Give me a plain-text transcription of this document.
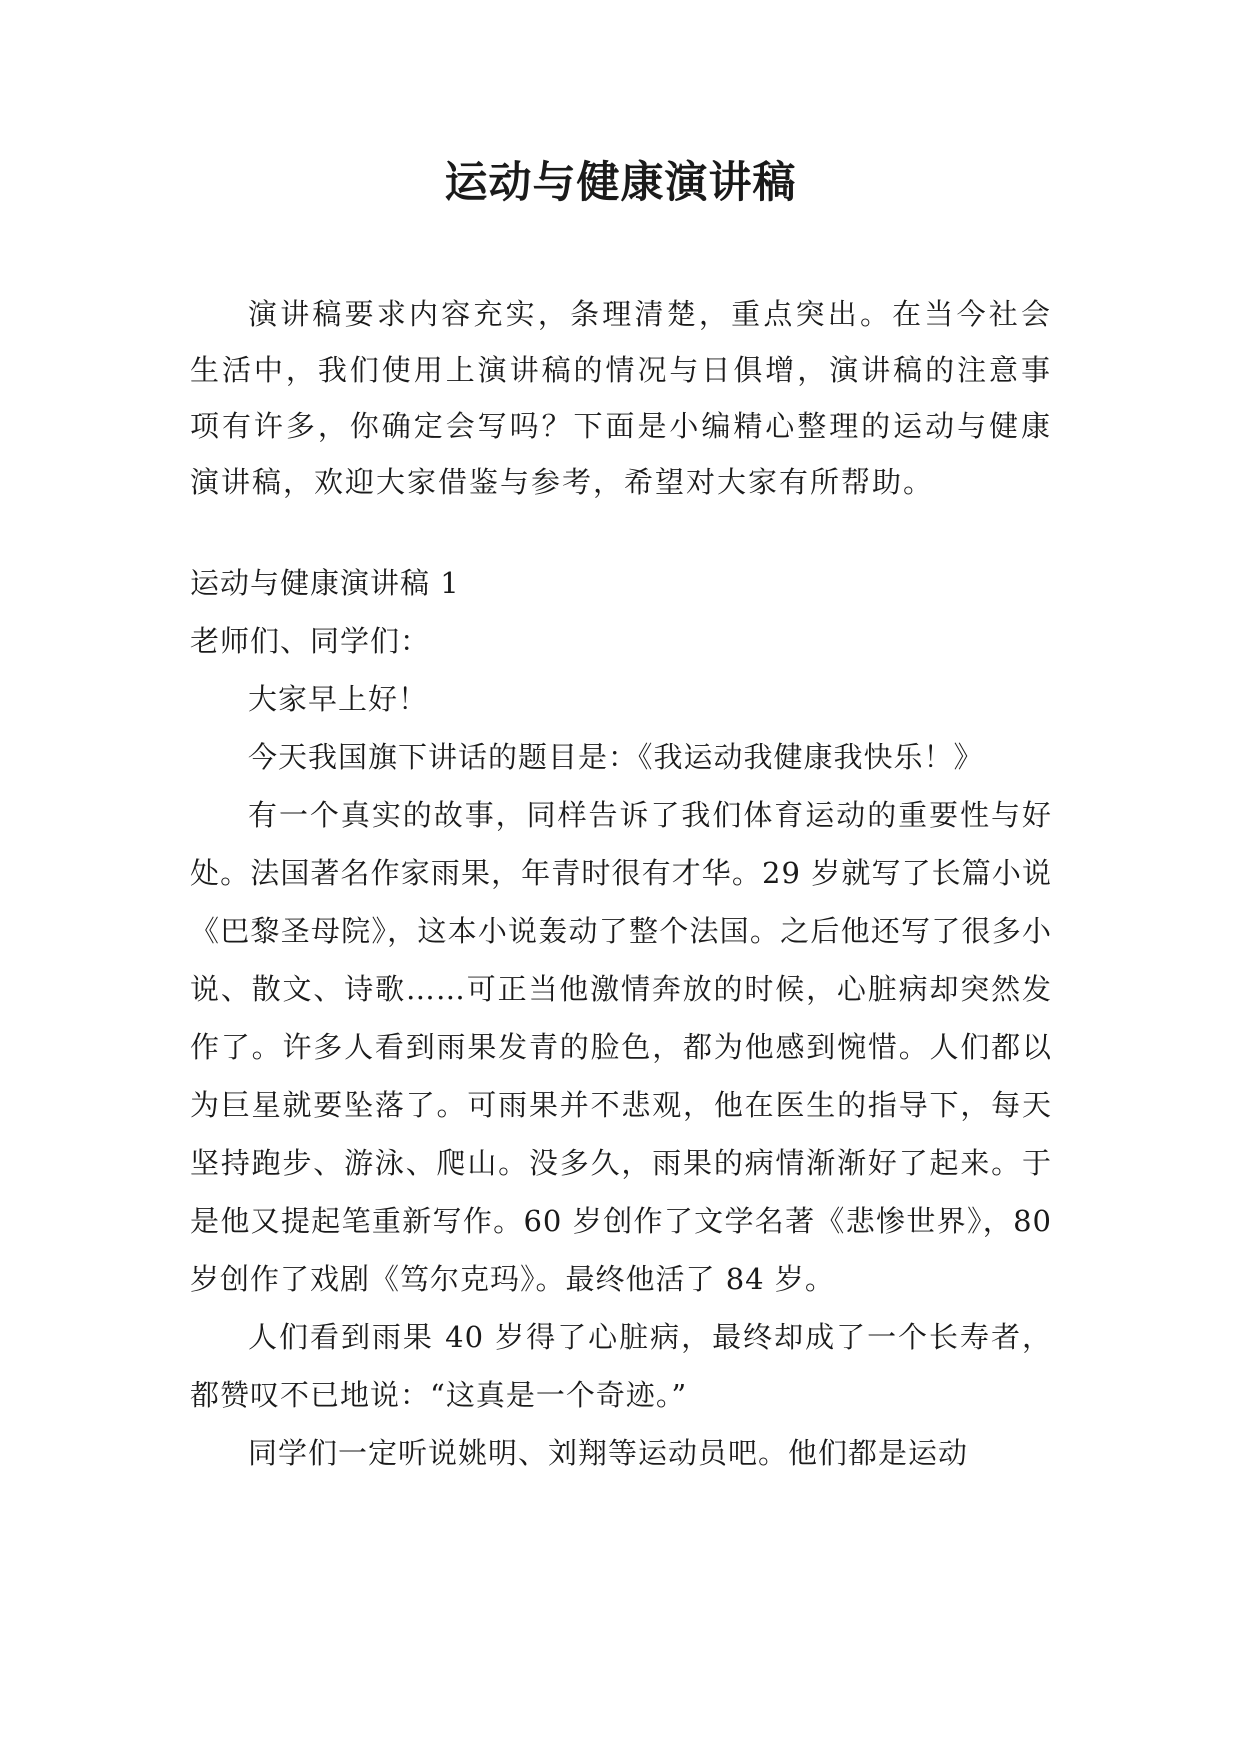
运动与健康演讲稿

演讲稿要求内容充实，条理清楚，重点突出。在当今社会生活中，我们使用上演讲稿的情况与日俱增，演讲稿的注意事项有许多，你确定会写吗？下面是小编精心整理的运动与健康演讲稿，欢迎大家借鉴与参考，希望对大家有所帮助。

运动与健康演讲稿 1

老师们、同学们：

大家早上好！

今天我国旗下讲话的题目是：《我运动我健康我快乐！》

有一个真实的故事，同样告诉了我们体育运动的重要性与好处。法国著名作家雨果，年青时很有才华。29 岁就写了长篇小说《巴黎圣母院》，这本小说轰动了整个法国。之后他还写了很多小说、散文、诗歌……可正当他激情奔放的时候，心脏病却突然发作了。许多人看到雨果发青的脸色，都为他感到惋惜。人们都以为巨星就要坠落了。可雨果并不悲观，他在医生的指导下，每天坚持跑步、游泳、爬山。没多久，雨果的病情渐渐好了起来。于是他又提起笔重新写作。60 岁创作了文学名著《悲惨世界》，80 岁创作了戏剧《笃尔克玛》。最终他活了 84 岁。

人们看到雨果 40 岁得了心脏病，最终却成了一个长寿者，都赞叹不已地说：“这真是一个奇迹。”

同学们一定听说姚明、刘翔等运动员吧。他们都是运动
